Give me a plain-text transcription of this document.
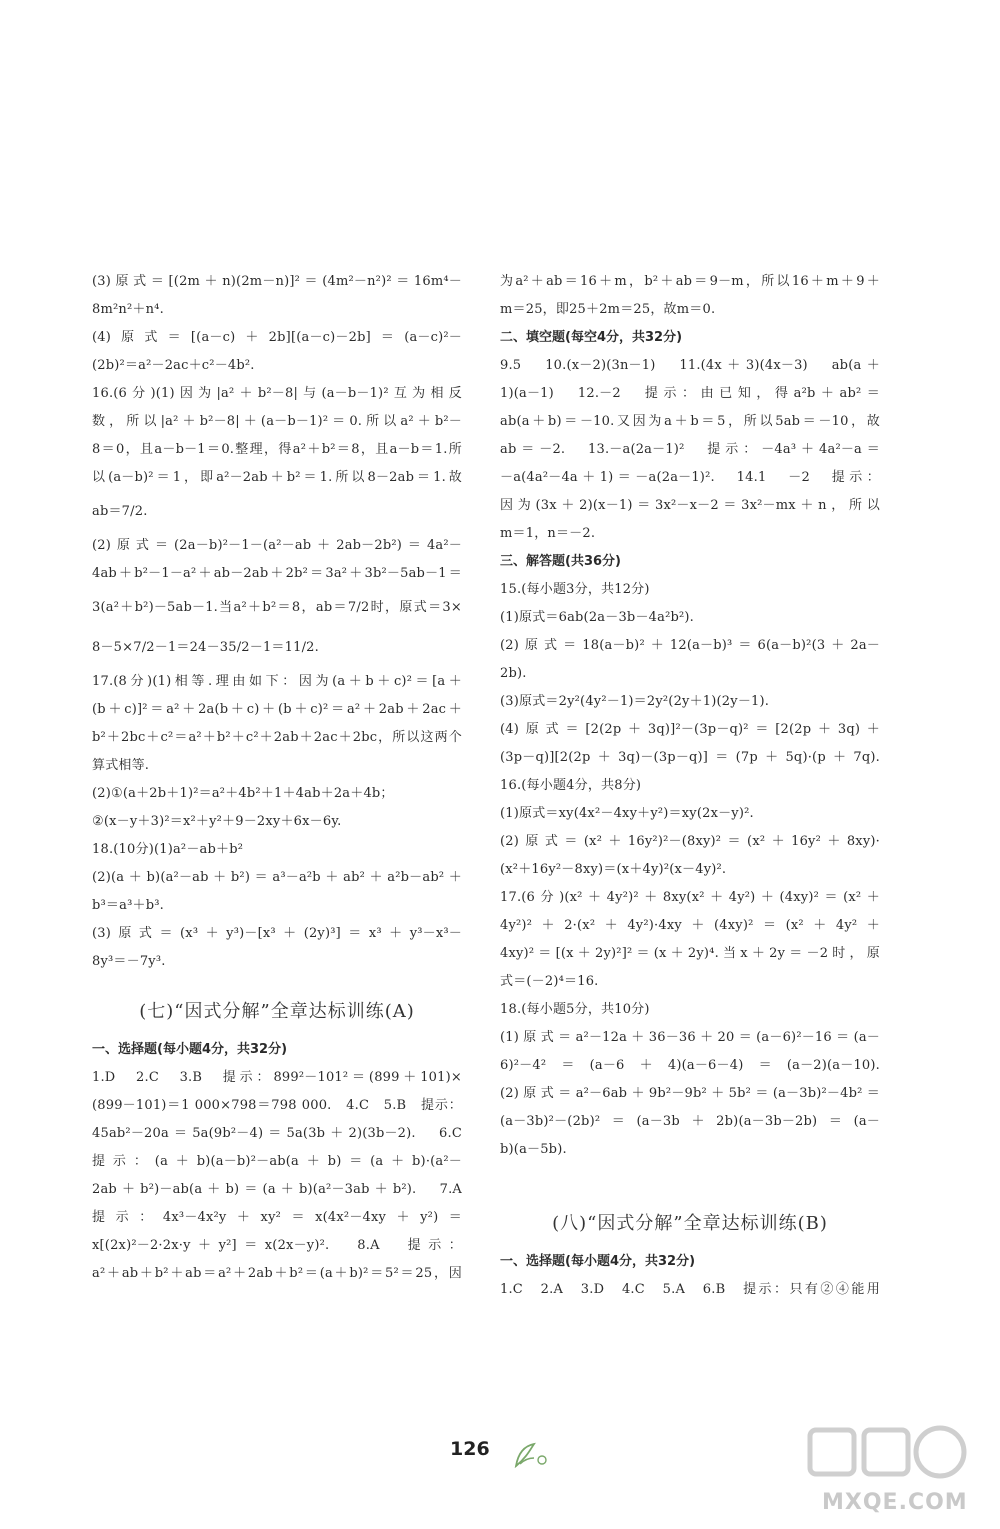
(3)原式＝[(2m＋n)(2m－n)]²＝(4m²－n²)²＝16m⁴－
8m²n²＋n⁴.
(4)原式＝[(a－c)＋2b][(a－c)－2b]＝(a－c)²－
(2b)²＝a²－2ac＋c²－4b².
16.(6分)(1)因为|a²＋b²－8|与(a－b－1)²互为相反
数，所以|a²＋b²－8|＋(a－b－1)²＝0.所以a²＋b²－
8＝0，且a－b－1＝0.整理，得a²＋b²＝8，且a－b＝1.所
以(a－b)²＝1，即a²－2ab＋b²＝1.所以8－2ab＝1.故
ab＝7/2.
(2)原式＝(2a－b)²－1－(a²－ab＋2ab－2b²)＝4a²－
4ab＋b²－1－a²＋ab－2ab＋2b²＝3a²＋3b²－5ab－1＝
3(a²＋b²)－5ab－1.当a²＋b²＝8，ab＝7/2时，原式＝3×
8－5×7/2－1＝24－35/2－1＝11/2.
17.(8分)(1)相等.理由如下：因为(a＋b＋c)²＝[a＋
(b＋c)]²＝a²＋2a(b＋c)＋(b＋c)²＝a²＋2ab＋2ac＋
b²＋2bc＋c²＝a²＋b²＋c²＋2ab＋2ac＋2bc，所以这两个
算式相等.
(2)①(a＋2b＋1)²＝a²＋4b²＋1＋4ab＋2a＋4b；
②(x－y＋3)²＝x²＋y²＋9－2xy＋6x－6y.
18.(10分)(1)a²－ab＋b²
(2)(a＋b)(a²－ab＋b²)＝a³－a²b＋ab²＋a²b－ab²＋
b³＝a³＋b³.
(3)原式＝(x³＋y³)－[x³＋(2y)³]＝x³＋y³－x³－
8y³＝－7y³.
(七)“因式分解”全章达标训练(A)
一、选择题(每小题4分，共32分)
1.D　2.C　3.B　提示：899²－101²＝(899＋101)×
(899－101)＝1 000×798＝798 000.　4.C　5.B　提示：
45ab²－20a＝5a(9b²－4)＝5a(3b＋2)(3b－2).　6.C
提示：(a＋b)(a－b)²－ab(a＋b)＝(a＋b)·(a²－
2ab＋b²)－ab(a＋b)＝(a＋b)(a²－3ab＋b²).　7.A
提示：4x³－4x²y＋xy²＝x(4x²－4xy＋y²)＝
x[(2x)²－2·2x·y＋y²]＝x(2x－y)².　8.A　提示：
a²＋ab＋b²＋ab＝a²＋2ab＋b²＝(a＋b)²＝5²＝25，因
为a²＋ab＝16＋m，b²＋ab＝9－m，所以16＋m＋9＋
m＝25，即25＋2m＝25，故m＝0.
二、填空题(每空4分，共32分)
9.5　10.(x－2)(3n－1)　11.(4x＋3)(4x－3)　ab(a＋
1)(a－1)　12.－2　提示：由已知，得a²b＋ab²＝
ab(a＋b)＝－10.又因为a＋b＝5，所以5ab＝－10，故
ab＝－2.　13.－a(2a－1)²　提示：－4a³＋4a²－a＝
－a(4a²－4a＋1)＝－a(2a－1)².　14.1　－2　提示：
因为(3x＋2)(x－1)＝3x²－x－2＝3x²－mx＋n，所以
m＝1，n＝－2.
三、解答题(共36分)
15.(每小题3分，共12分)
(1)原式＝6ab(2a－3b－4a²b²).
(2)原式＝18(a－b)²＋12(a－b)³＝6(a－b)²(3＋2a－
2b).
(3)原式＝2y²(4y²－1)＝2y²(2y＋1)(2y－1).
(4)原式＝[2(2p＋3q)]²－(3p－q)²＝[2(2p＋3q)＋
(3p－q)][2(2p＋3q)－(3p－q)]＝(7p＋5q)·(p＋7q).
16.(每小题4分，共8分)
(1)原式＝xy(4x²－4xy＋y²)＝xy(2x－y)².
(2)原式＝(x²＋16y²)²－(8xy)²＝(x²＋16y²＋8xy)·
(x²＋16y²－8xy)＝(x＋4y)²(x－4y)².
17.(6分)(x²＋4y²)²＋8xy(x²＋4y²)＋(4xy)²＝(x²＋
4y²)²＋2·(x²＋4y²)·4xy＋(4xy)²＝(x²＋4y²＋
4xy)²＝[(x＋2y)²]²＝(x＋2y)⁴.当x＋2y＝－2时，原
式＝(－2)⁴＝16.
18.(每小题5分，共10分)
(1)原式＝a²－12a＋36－36＋20＝(a－6)²－16＝(a－
6)²－4²＝(a－6＋4)(a－6－4)＝(a－2)(a－10).
(2)原式＝a²－6ab＋9b²－9b²＋5b²＝(a－3b)²－4b²＝
(a－3b)²－(2b)²＝(a－3b＋2b)(a－3b－2b)＝(a－
b)(a－5b).
(八)“因式分解”全章达标训练(B)
一、选择题(每小题4分，共32分)
1.C　2.A　3.D　4.C　5.A　6.B　提示：只有②④能用
126
MXQE.COM
